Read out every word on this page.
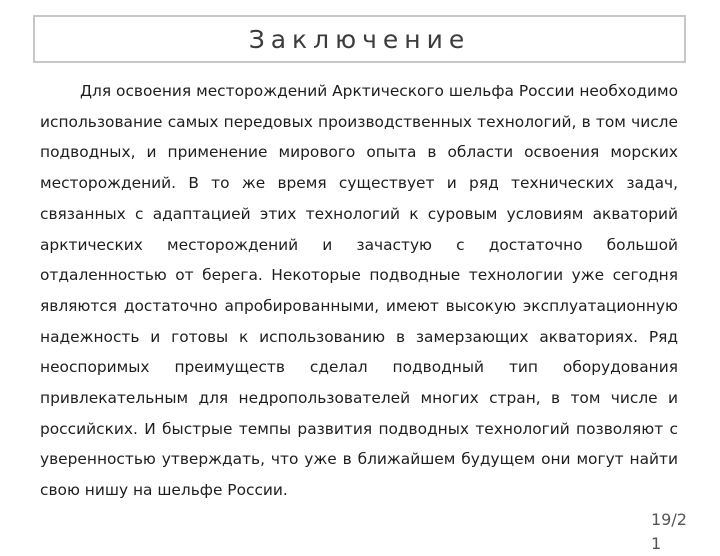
Заключение

Для освоения месторождений Арктического шельфа России необходимо использование самых передовых производственных технологий, в том числе подводных, и применение мирового опыта в области освоения морских месторождений. В то же время существует и ряд технических задач, связанных с адаптацией этих технологий к суровым условиям акваторий арктических месторождений и зачастую с достаточно большой отдаленностью от берега. Некоторые подводные технологии уже сегодня являются достаточно апробированными, имеют высокую эксплуатационную надежность и готовы к использованию в замерзающих акваториях. Ряд неоспоримых преимуществ сделал подводный тип оборудования привлекательным для недропользователей многих стран, в том числе и российских. И быстрые темпы развития подводных технологий позволяют с уверенностью утверждать, что уже в ближайшем будущем они могут найти свою нишу на шельфе России.

19/21
